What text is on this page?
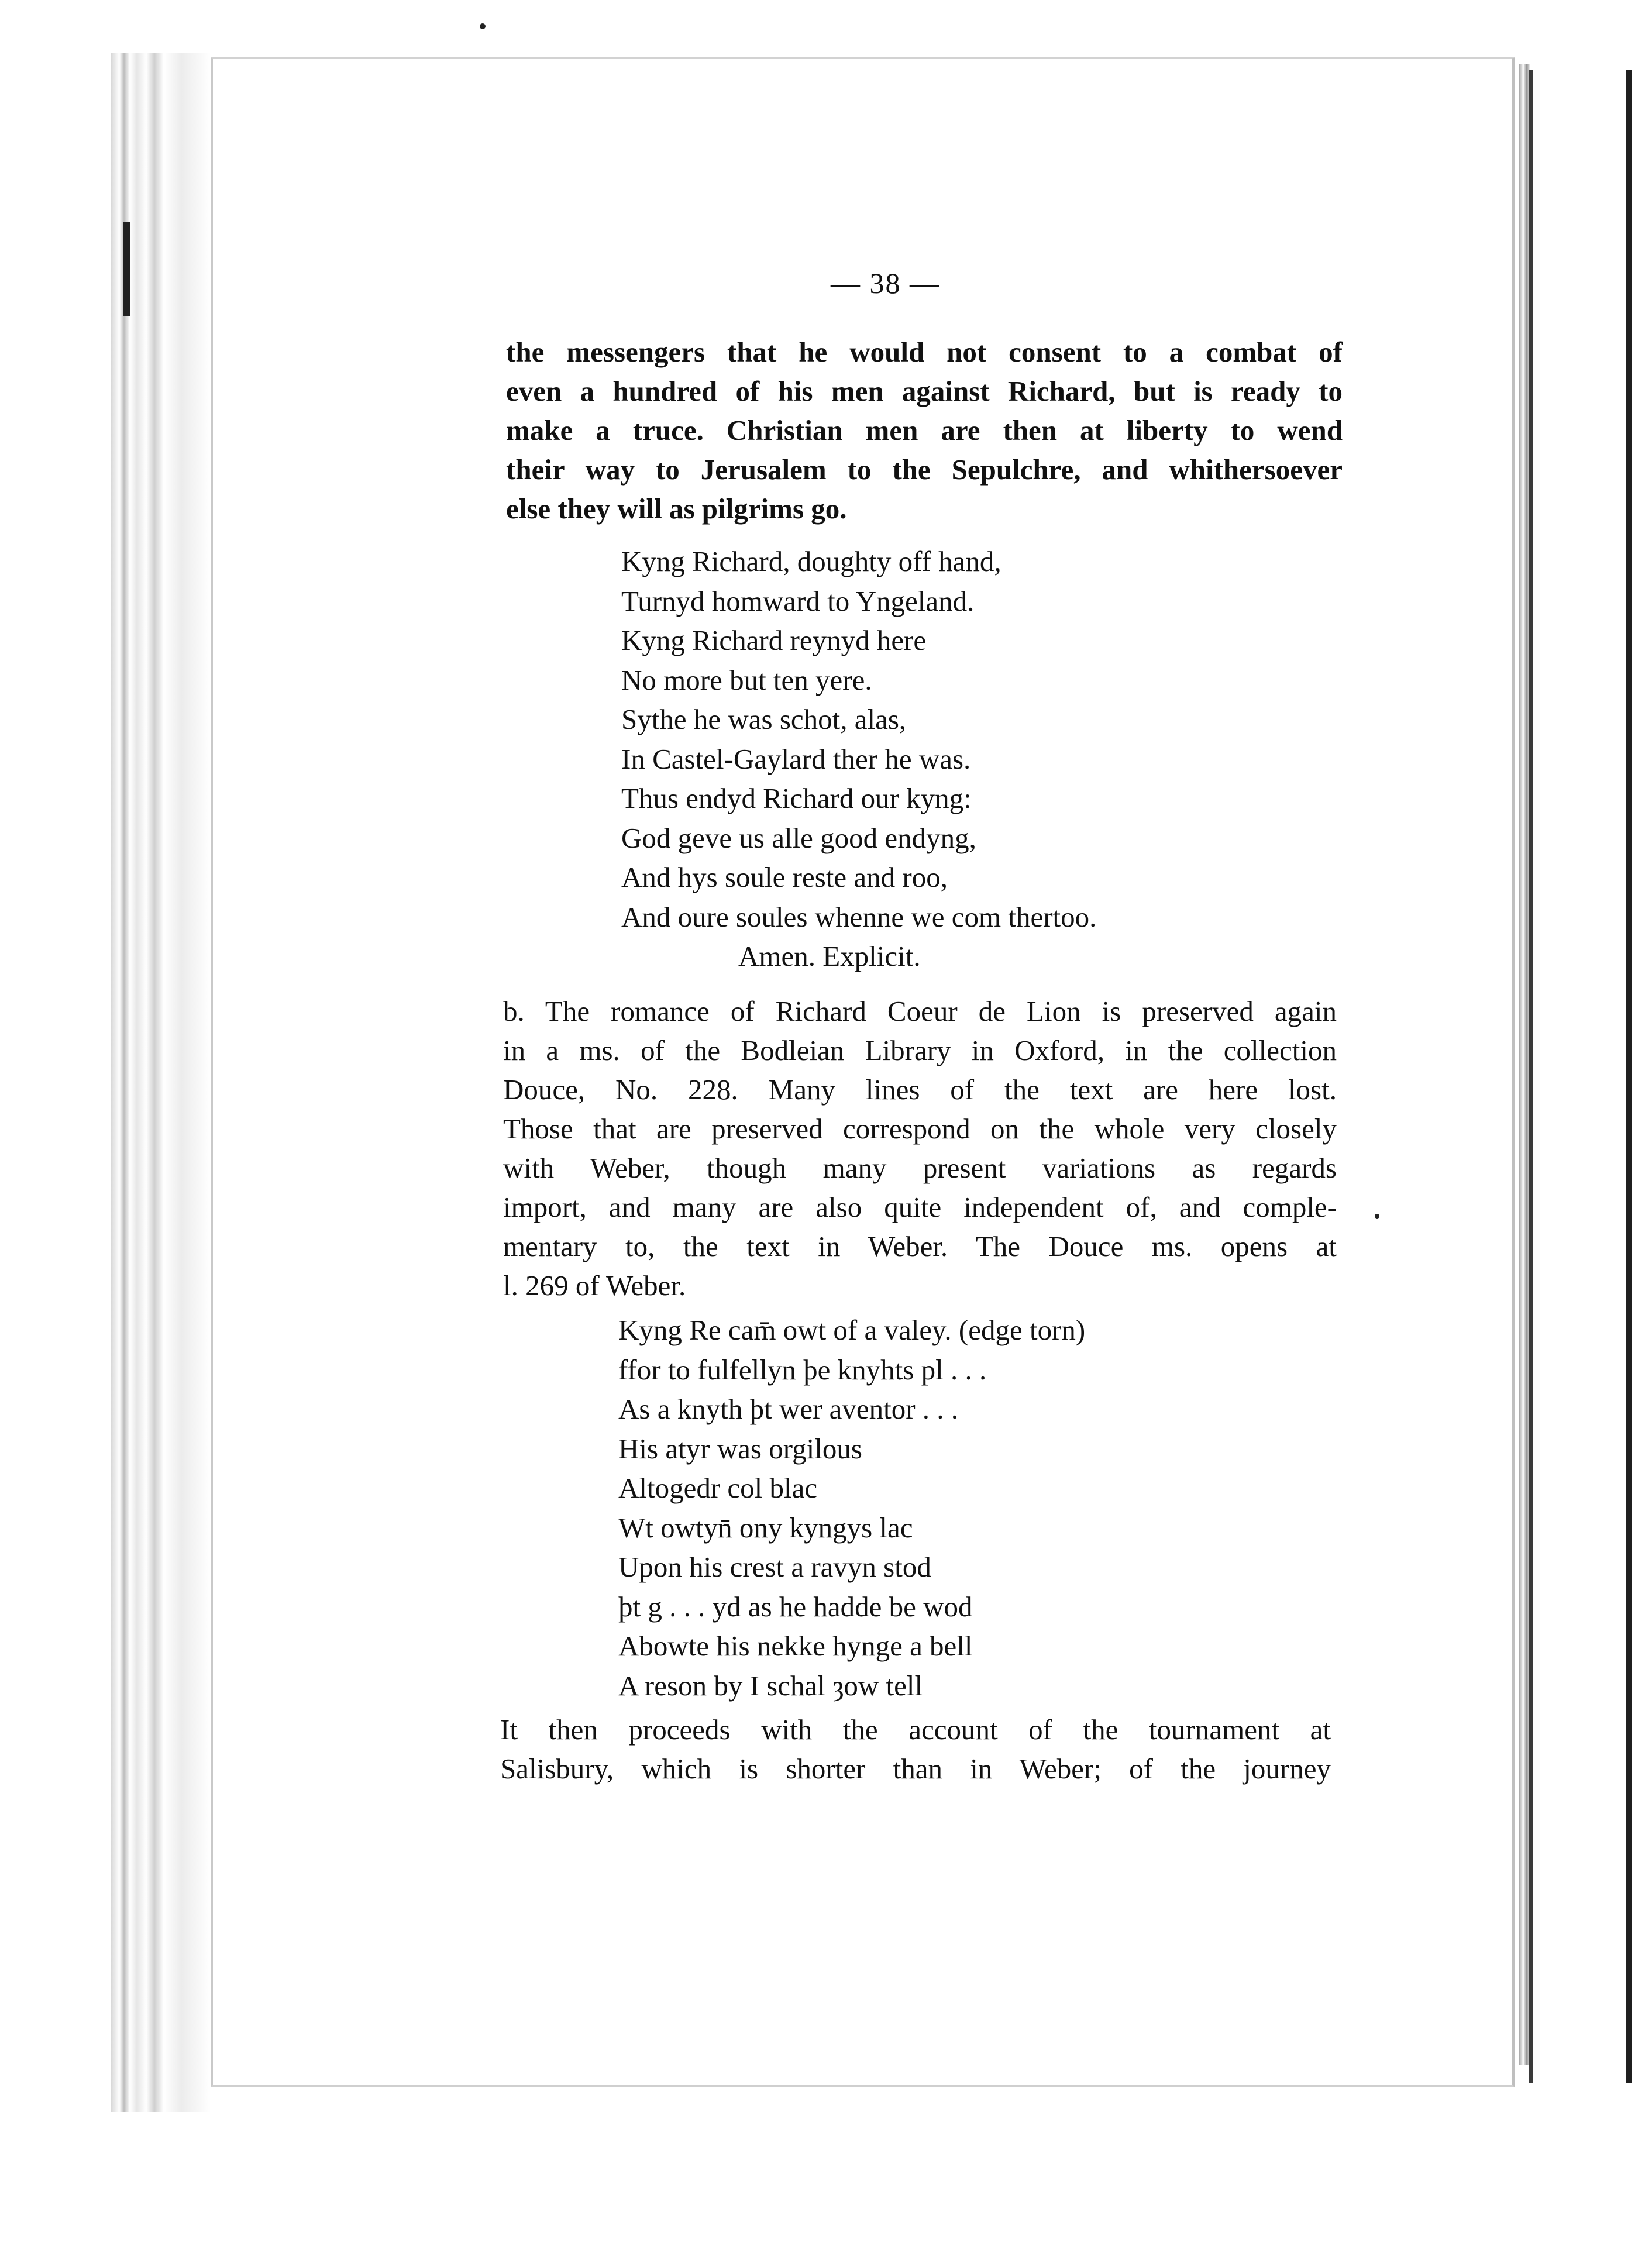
— 38 —
the messengers that he would not consent to a combat of
even a hundred of his men against Richard, but is ready to
make a truce. Christian men are then at liberty to wend
their way to Jerusalem to the Sepulchre, and whithersoever
else they will as pilgrims go.
Kyng Richard, doughty off hand,
Turnyd homward to Yngeland.
Kyng Richard reynyd here
No more but ten yere.
Sythe he was schot, alas,
In Castel-Gaylard ther he was.
Thus endyd Richard our kyng:
God geve us alle good endyng,
And hys soule reste and roo,
And oure soules whenne we com thertoo.
Amen. Explicit.
b. The romance of Richard Coeur de Lion is preserved again
in a ms. of the Bodleian Library in Oxford, in the collection
Douce, No. 228. Many lines of the text are here lost.
Those that are preserved correspond on the whole very closely
with Weber, though many present variations as regards
import, and many are also quite independent of, and comple-
mentary to, the text in Weber. The Douce ms. opens at
l. 269 of Weber.
Kyng Re cam̄ owt of a valey. (edge torn)
ffor to fulfellyn þe knyhts pl . . .
As a knyth þt wer aventor . . .
His atyr was orgilous
Altogedr col blac
Wt owtyn̄ ony kyngys lac
Upon his crest a ravyn stod
þt g . . . yd as he hadde be wod
Abowte his nekke hynge a bell
A reson by I schal ȝow tell
It then proceeds with the account of the tournament at
Salisbury, which is shorter than in Weber; of the journey
